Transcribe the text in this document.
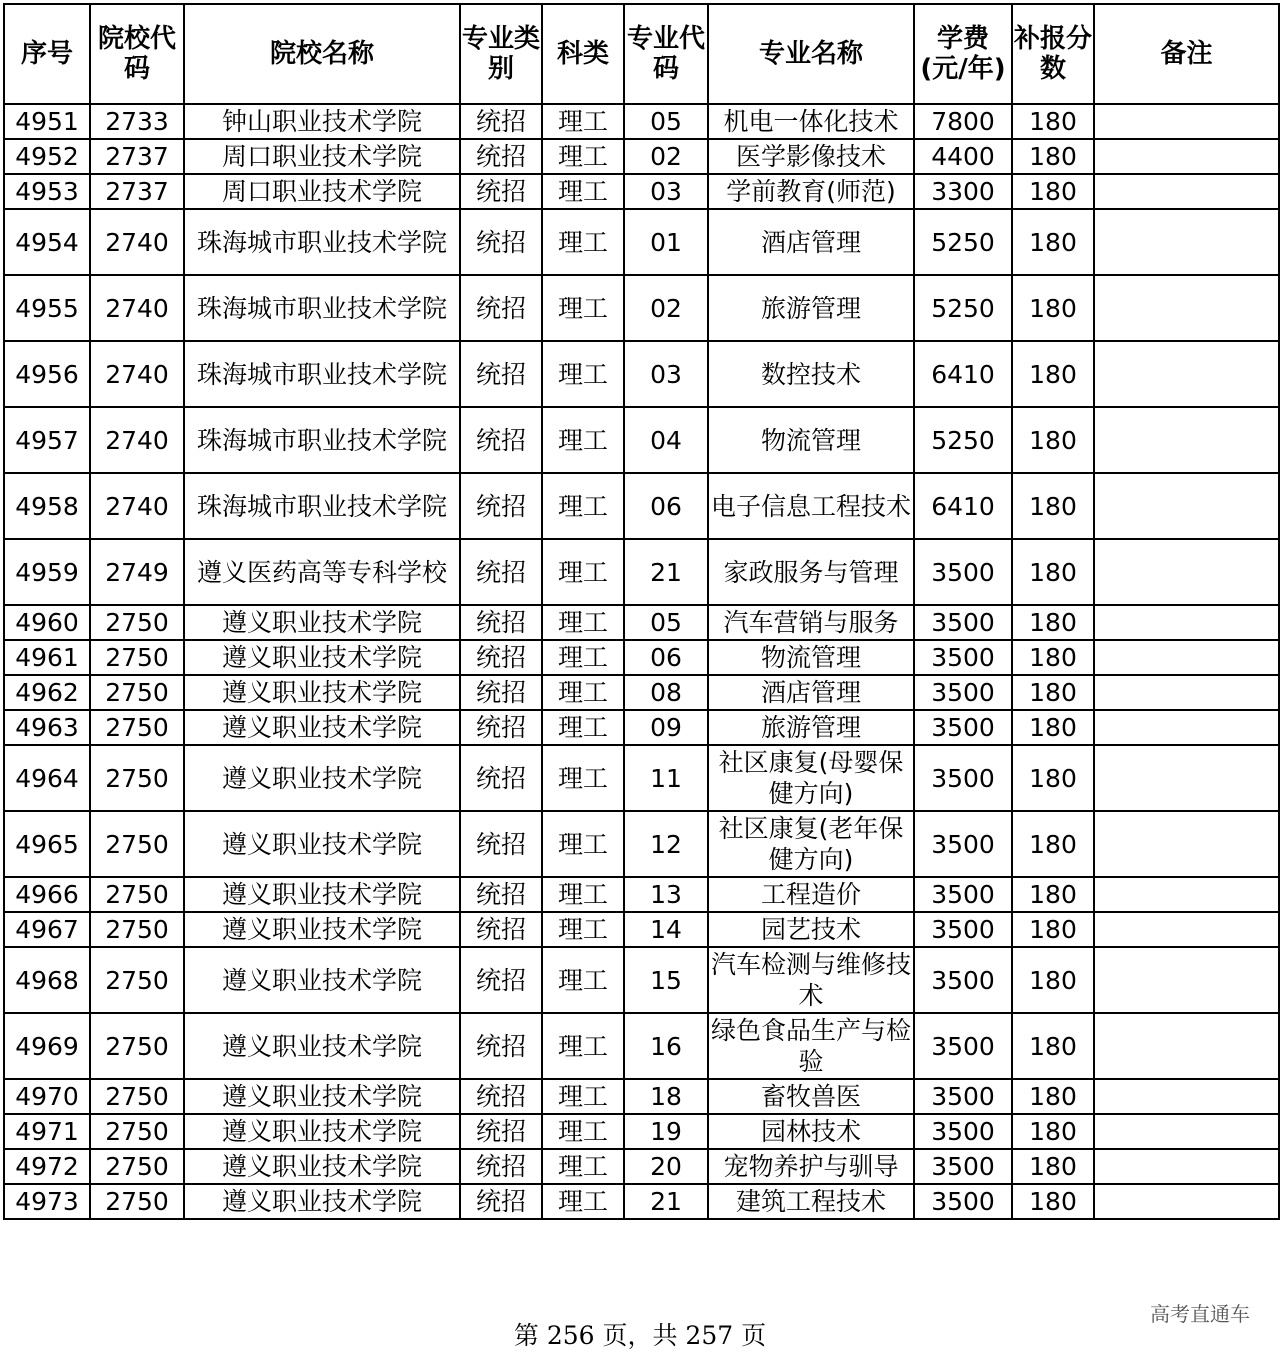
序号	院校代码	院校名称	专业类别	科类	专业代码	专业名称	学费(元/年)	补报分数	备注
4951	2733	钟山职业技术学院	统招	理工	05	机电一体化技术	7800	180	
4952	2737	周口职业技术学院	统招	理工	02	医学影像技术	4400	180	
4953	2737	周口职业技术学院	统招	理工	03	学前教育(师范)	3300	180	
4954	2740	珠海城市职业技术学院	统招	理工	01	酒店管理	5250	180	
4955	2740	珠海城市职业技术学院	统招	理工	02	旅游管理	5250	180	
4956	2740	珠海城市职业技术学院	统招	理工	03	数控技术	6410	180	
4957	2740	珠海城市职业技术学院	统招	理工	04	物流管理	5250	180	
4958	2740	珠海城市职业技术学院	统招	理工	06	电子信息工程技术	6410	180	
4959	2749	遵义医药高等专科学校	统招	理工	21	家政服务与管理	3500	180	
4960	2750	遵义职业技术学院	统招	理工	05	汽车营销与服务	3500	180	
4961	2750	遵义职业技术学院	统招	理工	06	物流管理	3500	180	
4962	2750	遵义职业技术学院	统招	理工	08	酒店管理	3500	180	
4963	2750	遵义职业技术学院	统招	理工	09	旅游管理	3500	180	
4964	2750	遵义职业技术学院	统招	理工	11	社区康复(母婴保健方向)	3500	180	
4965	2750	遵义职业技术学院	统招	理工	12	社区康复(老年保健方向)	3500	180	
4966	2750	遵义职业技术学院	统招	理工	13	工程造价	3500	180	
4967	2750	遵义职业技术学院	统招	理工	14	园艺技术	3500	180	
4968	2750	遵义职业技术学院	统招	理工	15	汽车检测与维修技术	3500	180	
4969	2750	遵义职业技术学院	统招	理工	16	绿色食品生产与检验	3500	180	
4970	2750	遵义职业技术学院	统招	理工	18	畜牧兽医	3500	180	
4971	2750	遵义职业技术学院	统招	理工	19	园林技术	3500	180	
4972	2750	遵义职业技术学院	统招	理工	20	宠物养护与驯导	3500	180	
4973	2750	遵义职业技术学院	统招	理工	21	建筑工程技术	3500	180	
第 256 页，共 257 页
高考直通车
